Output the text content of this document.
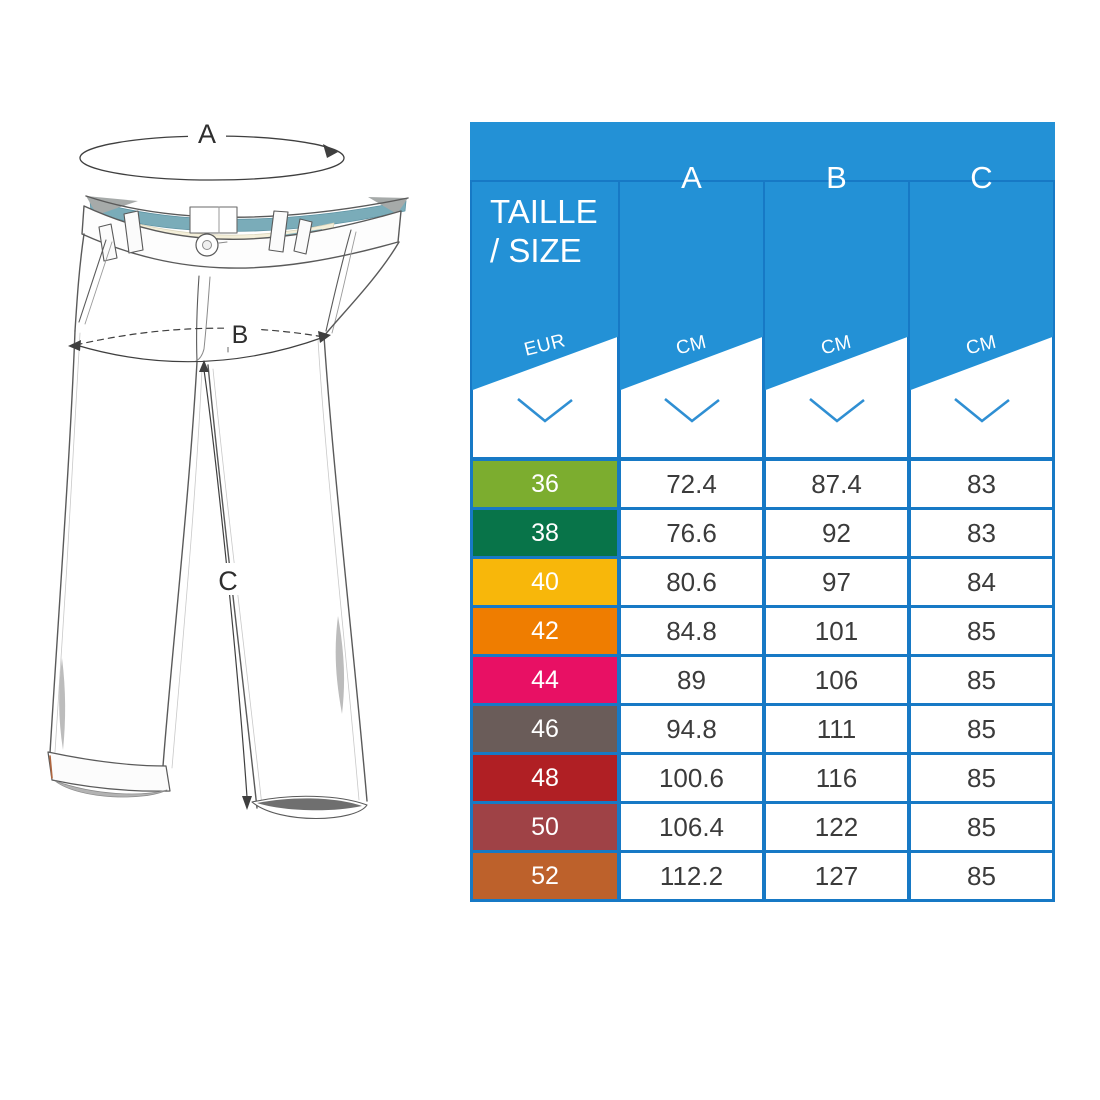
A
B
C
TAILLE
/ SIZE
EUR
36
38
40
42
44
46
48
50
52
A
CM
72.4
76.6
80.6
84.8
89
94.8
100.6
106.4
112.2
B
CM
87.4
92
97
101
106
111
116
122
127
C
CM
83
83
84
85
85
85
85
85
85
